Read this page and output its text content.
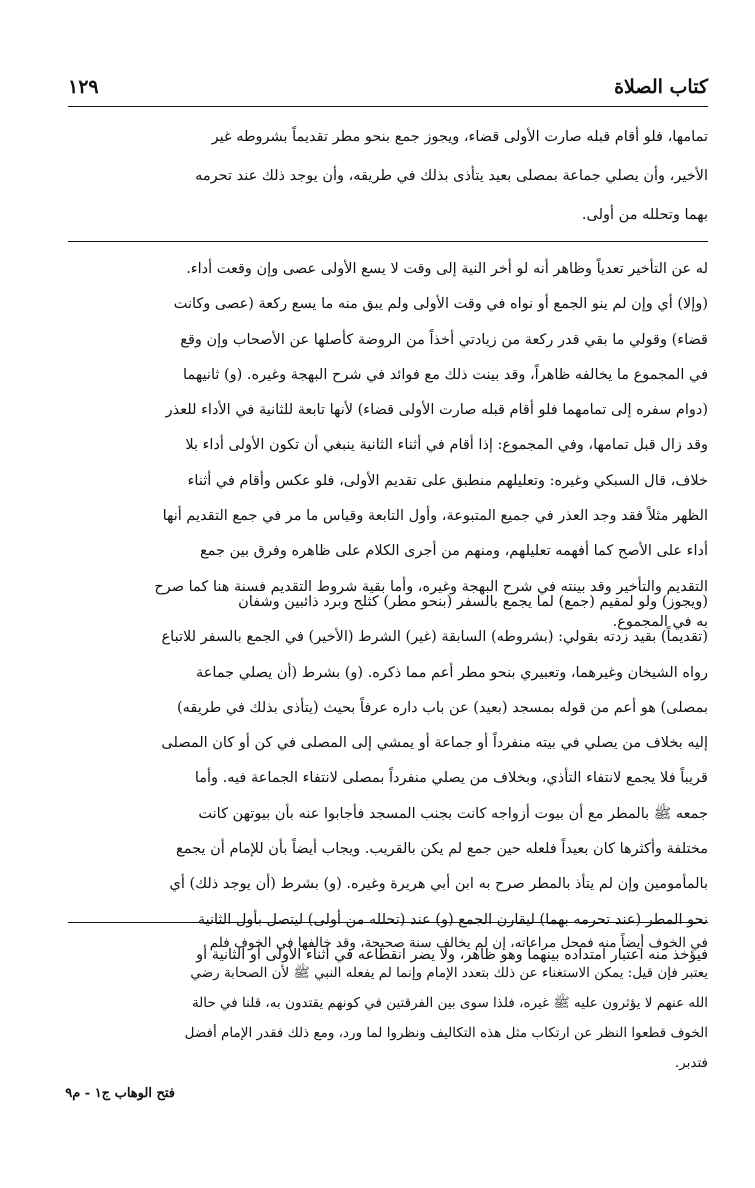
كتاب الصلاة
١٢٩
تمامها، فلو أقام قبله صارت الأولى قضاء، ويجوز جمع بنحو مطر تقديماً بشروطه غير
الأخير، وأن يصلي جماعة بمصلى بعيد يتأذى بذلك في طريقه، وأن يوجد ذلك عند تحرمه
بهما وتحلله من أولى.
له عن التأخير تعدياً وظاهر أنه لو أخر النية إلى وقت لا يسع الأولى عصى وإن وقعت أداء.
(وإلا) أي وإن لم ينو الجمع أو نواه في وقت الأولى ولم يبق منه ما يسع ركعة (عصى وكانت
قضاء) وقولي ما بقي قدر ركعة من زيادتي أخذاً من الروضة كأصلها عن الأصحاب وإن وقع
في المجموع ما يخالفه ظاهراً، وقد بينت ذلك مع فوائد في شرح البهجة وغيره. (و) ثانيهما
(دوام سفره إلى تمامهما فلو أقام قبله صارت الأولى قضاء) لأنها تابعة للثانية في الأداء للعذر
وقد زال قبل تمامها، وفي المجموع: إذا أقام في أثناء الثانية ينبغي أن تكون الأولى أداء بلا
خلاف، قال السبكي وغيره: وتعليلهم منطبق على تقديم الأولى، فلو عكس وأقام في أثناء
الظهر مثلاً فقد وجد العذر في جميع المتبوعة، وأول التابعة وقياس ما مر في جمع التقديم أنها
أداء على الأصح كما أفهمه تعليلهم، ومنهم من أجرى الكلام على ظاهره وفرق بين جمع
التقديم والتأخير وقد بينته في شرح البهجة وغيره، وأما بقية شروط التقديم فسنة هنا كما صرح
به في المجموع.
(ويجوز) ولو لمقيم (جمع) لما يجمع بالسفر (بنحو مطر) كثلج وبرد ذائبين وشفان
(تقديماً) بقيد زدته بقولي: (بشروطه) السابقة (غير) الشرط (الأخير) في الجمع بالسفر للاتباع
رواه الشيخان وغيرهما، وتعبيري بنحو مطر أعم مما ذكره. (و) بشرط (أن يصلي جماعة
بمصلى) هو أعم من قوله بمسجد (بعيد) عن باب داره عرفاً بحيث (يتأذى بذلك في طريقه)
إليه بخلاف من يصلي في بيته منفرداً أو جماعة أو يمشي إلى المصلى في كن أو كان المصلى
قريباً فلا يجمع لانتفاء التأذي، وبخلاف من يصلي منفرداً بمصلى لانتفاء الجماعة فيه. وأما
جمعه ﷺ بالمطر مع أن بيوت أزواجه كانت بجنب المسجد فأجابوا عنه بأن بيوتهن كانت
مختلفة وأكثرها كان بعيداً فلعله حين جمع لم يكن بالقريب. ويجاب أيضاً بأن للإمام أن يجمع
بالمأمومين وإن لم يتأذ بالمطر صرح به ابن أبي هريرة وغيره. (و) بشرط (أن يوجد ذلك) أي
نحو المطر (عند تحرمه بهما) ليقارن الجمع (و) عند (تحلله من أولى) ليتصل بأول الثانية
فيؤخذ منه اعتبار امتداده بينهما وهو ظاهر، ولا يضر انقطاعه في أثناء الأولى أو الثانية أو
في الخوف أيضاً منه فمحل مراعاته، إن لم يخالف سنة صحيحة، وقد خالفها في الخوف فلم
يعتبر فإن قيل: يمكن الاستغناء عن ذلك بتعدد الإمام وإنما لم يفعله النبي ﷺ لأن الصحابة رضي
الله عنهم لا يؤثرون عليه ﷺ غيره، فلذا سوى بين الفرقتين في كونهم يقتدون به، قلنا في حالة
الخوف قطعوا النظر عن ارتكاب مثل هذه التكاليف ونظروا لما ورد، ومع ذلك فقدر الإمام أفضل
فتدبر.
فتح الوهاب ج١ - م٩
